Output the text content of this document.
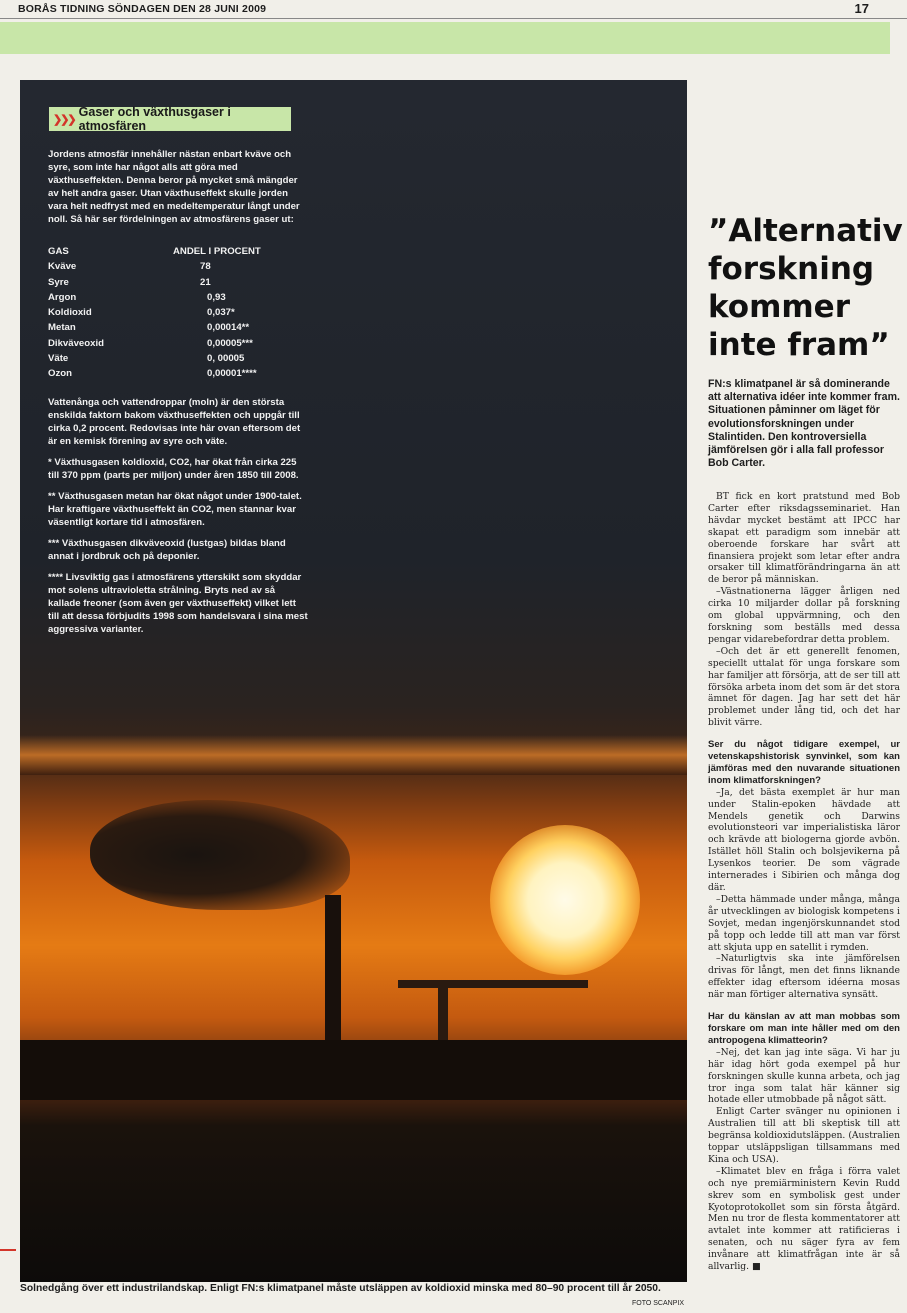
BORÅS TIDNING SÖNDAGEN DEN 28 JUNI 2009	17
❯❯❯
Gaser och växthusgaser i atmosfären

Jordens atmosfär innehåller nästan enbart kväve och syre, som inte har något alls att göra med växthuseffekten. Denna beror på mycket små mängder av helt andra gaser. Utan växthuseffekt skulle jorden vara helt nedfryst med en medeltemperatur långt under noll. Så här ser fördelningen av atmosfärens gaser ut:

GAS	ANDEL I PROCENT
Kväve	78
Syre	21
Argon	0,93
Koldioxid	0,037*
Metan	0,00014**
Dikväveoxid	0,00005***
Väte	0, 00005
Ozon	0,00001****

Vattenånga och vattendroppar (moln) är den största enskilda faktorn bakom växthuseffekten och uppgår till cirka 0,2 procent. Redovisas inte här ovan eftersom det är en kemisk förening av syre och väte.

* Växthusgasen koldioxid, CO2, har ökat från cirka 225 till 370 ppm (parts per miljon) under åren 1850 till 2008.

** Växthusgasen metan har ökat något under 1900-talet. Har kraftigare växthuseffekt än CO2, men stannar kvar väsentligt kortare tid i atmosfären.

*** Växthusgasen dikväveoxid (lustgas) bildas bland annat i jordbruk och på deponier.

**** Livsviktig gas i atmosfärens ytterskikt som skyddar mot solens ultravioletta strålning. Bryts ned av så kallade freoner (som även ger växthuseffekt) vilket lett till att dessa förbjudits 1998 som handelsvara i sina mest aggressiva varianter.

Solnedgång över ett industrilandskap. Enligt FN:s klimatpanel måste utsläppen av koldioxid minska med 80–90 procent till år 2050.
FOTO SCANPIX
”Alternativ forskning kommer inte fram”
FN:s klimatpanel är så dominerande att alternativa idéer inte kommer fram. Situationen påminner om läget för evolutionsforskningen under Stalintiden. Den kontroversiella jämförelsen gör i alla fall professor Bob Carter.

BT fick en kort pratstund med Bob Carter efter riksdagsseminariet. Han hävdar mycket bestämt att IPCC har skapat ett paradigm som innebär att oberoende forskare har svårt att finansiera projekt som letar efter andra orsaker till klimatförändringarna än att de beror på människan.

–Västnationerna lägger årligen ned cirka 10 miljarder dollar på forskning om global uppvärmning, och den forskning som beställs med dessa pengar vidarebefordrar detta problem.

–Och det är ett generellt fenomen, speciellt uttalat för unga forskare som har familjer att försörja, att de ser till att försöka arbeta inom det som är det stora ämnet för dagen. Jag har sett det här problemet under lång tid, och det har blivit värre.

Ser du något tidigare exempel, ur vetenskapshistorisk synvinkel, som kan jämföras med den nuvarande situationen inom klimatforskningen?

–Ja, det bästa exemplet är hur man under Stalin-epoken hävdade att Mendels genetik och Darwins evolutionsteori var imperialistiska läror och krävde att biologerna gjorde avbön. Istället höll Stalin och bolsjevikerna på Lysenkos teorier. De som vägrade internerades i Sibirien och många dog där.

–Detta hämmade under många, många år utvecklingen av biologisk kompetens i Sovjet, medan ingenjörskunnandet stod på topp och ledde till att man var först att skjuta upp en satellit i rymden.

–Naturligtvis ska inte jämförelsen drivas för långt, men det finns liknande effekter idag eftersom idéerna mosas när man förtiger alternativa synsätt.

Har du känslan av att man mobbas som forskare om man inte håller med om den antropogena klimatteorin?

–Nej, det kan jag inte säga. Vi har ju här idag hört goda exempel på hur forskningen skulle kunna arbeta, och jag tror inga som talat här känner sig hotade eller utmobbade på något sätt.

Enligt Carter svänger nu opinionen i Australien till att bli skeptisk till att begränsa koldioxidutsläppen. (Australien toppar utsläppsligan tillsammans med Kina och USA).

–Klimatet blev en fråga i förra valet och nye premiärministern Kevin Rudd skrev som en symbolisk gest under Kyotoprotokollet som sin första åtgärd. Men nu tror de flesta kommentatorer att avtalet inte kommer att ratificieras i senaten, och nu säger fyra av fem invånare att klimatfrågan inte är så allvarlig. ■
